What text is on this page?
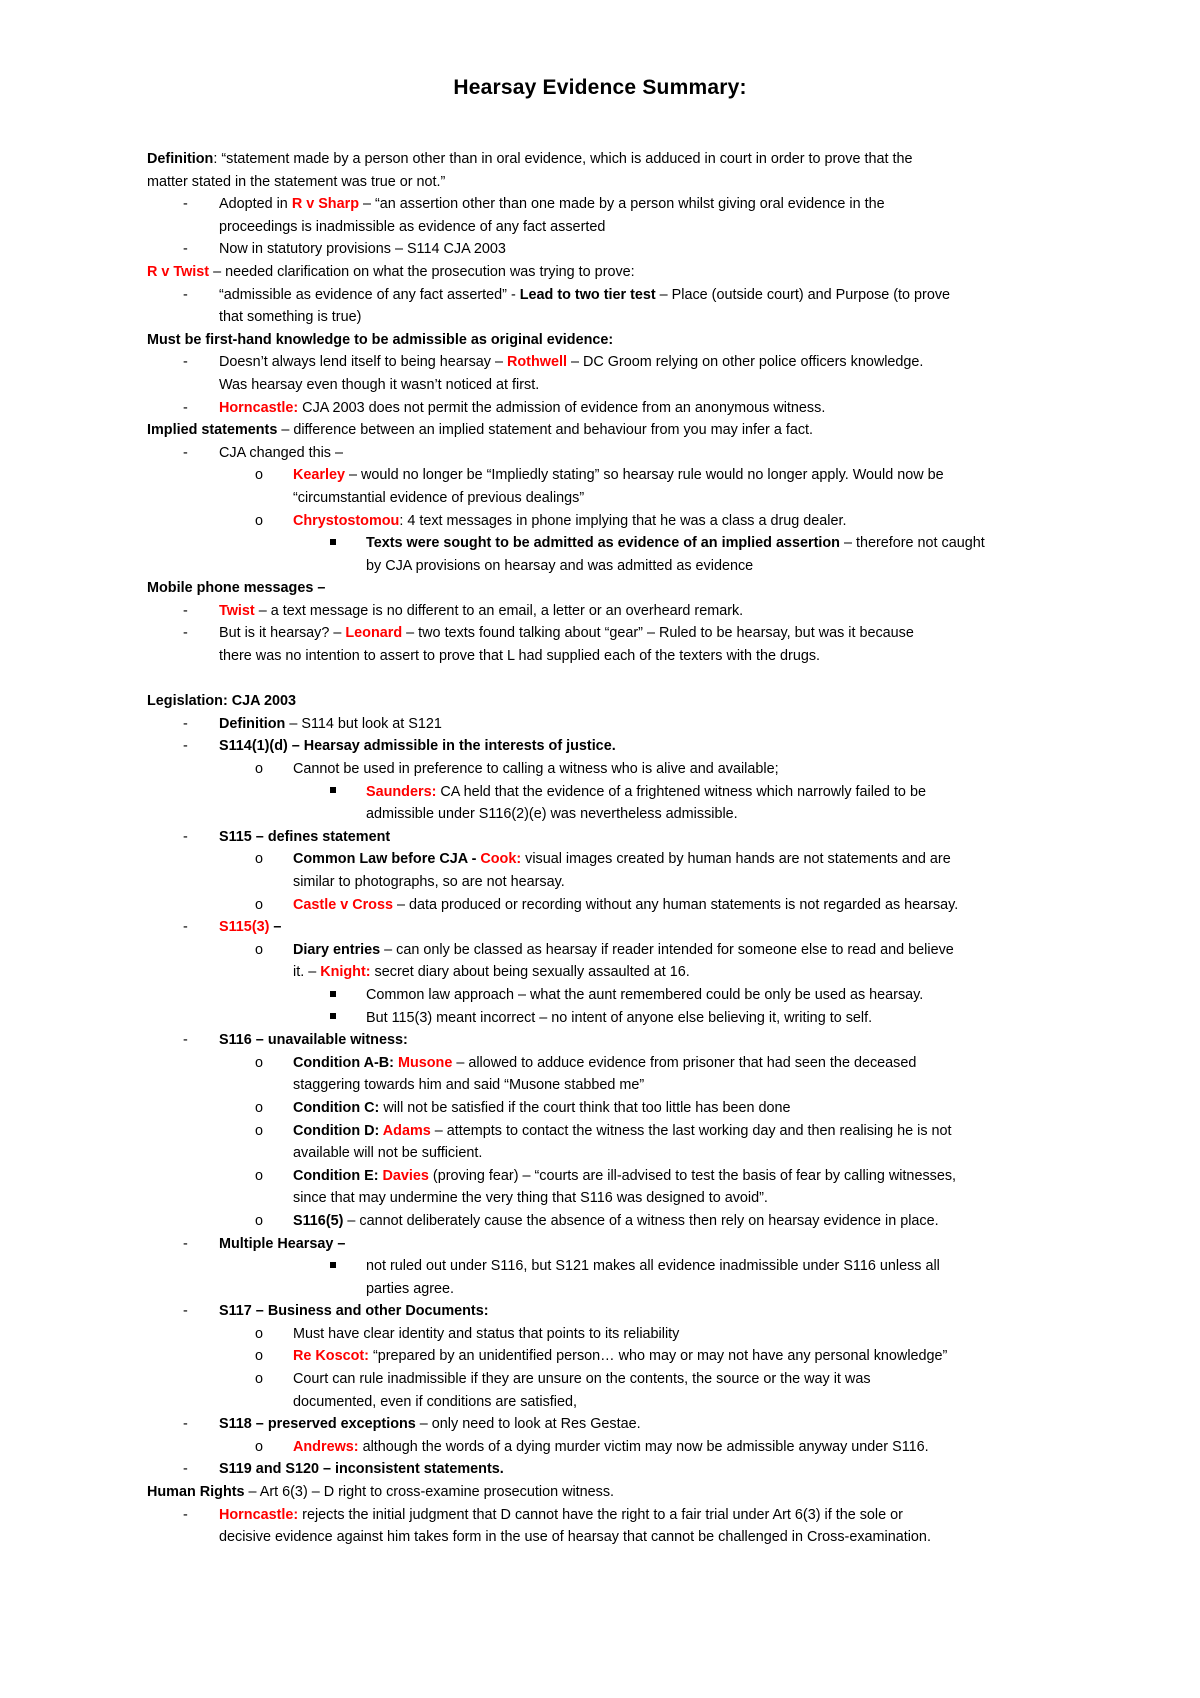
Hearsay Evidence Summary:
Definition: “statement made by a person other than in oral evidence, which is adduced in court in order to prove that the
matter stated in the statement was true or not.”
- Adopted in R v Sharp – “an assertion other than one made by a person whilst giving oral evidence in the
proceedings is inadmissible as evidence of any fact asserted
- Now in statutory provisions – S114 CJA 2003
R v Twist – needed clarification on what the prosecution was trying to prove:
- “admissible as evidence of any fact asserted” - Lead to two tier test – Place (outside court) and Purpose (to prove
that something is true)
Must be first-hand knowledge to be admissible as original evidence:
- Doesn’t always lend itself to being hearsay – Rothwell – DC Groom relying on other police officers knowledge.
Was hearsay even though it wasn’t noticed at first.
- Horncastle: CJA 2003 does not permit the admission of evidence from an anonymous witness.
Implied statements – difference between an implied statement and behaviour from you may infer a fact.
- CJA changed this –
o Kearley – would no longer be “Impliedly stating” so hearsay rule would no longer apply. Would now be
“circumstantial evidence of previous dealings”
o Chrystostomou: 4 text messages in phone implying that he was a class a drug dealer.
Texts were sought to be admitted as evidence of an implied assertion – therefore not caught
by CJA provisions on hearsay and was admitted as evidence
Mobile phone messages –
- Twist – a text message is no different to an email, a letter or an overheard remark.
- But is it hearsay? – Leonard – two texts found talking about “gear” – Ruled to be hearsay, but was it because
there was no intention to assert to prove that L had supplied each of the texters with the drugs.
Legislation: CJA 2003
- Definition – S114 but look at S121
- S114(1)(d) – Hearsay admissible in the interests of justice.
o Cannot be used in preference to calling a witness who is alive and available;
Saunders: CA held that the evidence of a frightened witness which narrowly failed to be
admissible under S116(2)(e) was nevertheless admissible.
- S115 – defines statement
o Common Law before CJA - Cook: visual images created by human hands are not statements and are
similar to photographs, so are not hearsay.
o Castle v Cross – data produced or recording without any human statements is not regarded as hearsay.
- S115(3) –
o Diary entries – can only be classed as hearsay if reader intended for someone else to read and believe
it. – Knight: secret diary about being sexually assaulted at 16.
Common law approach – what the aunt remembered could be only be used as hearsay.
But 115(3) meant incorrect – no intent of anyone else believing it, writing to self.
- S116 – unavailable witness:
o Condition A-B: Musone – allowed to adduce evidence from prisoner that had seen the deceased
staggering towards him and said “Musone stabbed me”
o Condition C: will not be satisfied if the court think that too little has been done
o Condition D: Adams – attempts to contact the witness the last working day and then realising he is not
available will not be sufficient.
o Condition E: Davies (proving fear) – “courts are ill-advised to test the basis of fear by calling witnesses,
since that may undermine the very thing that S116 was designed to avoid”.
o S116(5) – cannot deliberately cause the absence of a witness then rely on hearsay evidence in place.
- Multiple Hearsay –
not ruled out under S116, but S121 makes all evidence inadmissible under S116 unless all
parties agree.
- S117 – Business and other Documents:
o Must have clear identity and status that points to its reliability
o Re Koscot: “prepared by an unidentified person… who may or may not have any personal knowledge”
o Court can rule inadmissible if they are unsure on the contents, the source or the way it was
documented, even if conditions are satisfied,
- S118 – preserved exceptions – only need to look at Res Gestae.
o Andrews: although the words of a dying murder victim may now be admissible anyway under S116.
- S119 and S120 – inconsistent statements.
Human Rights – Art 6(3) – D right to cross-examine prosecution witness.
- Horncastle: rejects the initial judgment that D cannot have the right to a fair trial under Art 6(3) if the sole or
decisive evidence against him takes form in the use of hearsay that cannot be challenged in Cross-examination.
